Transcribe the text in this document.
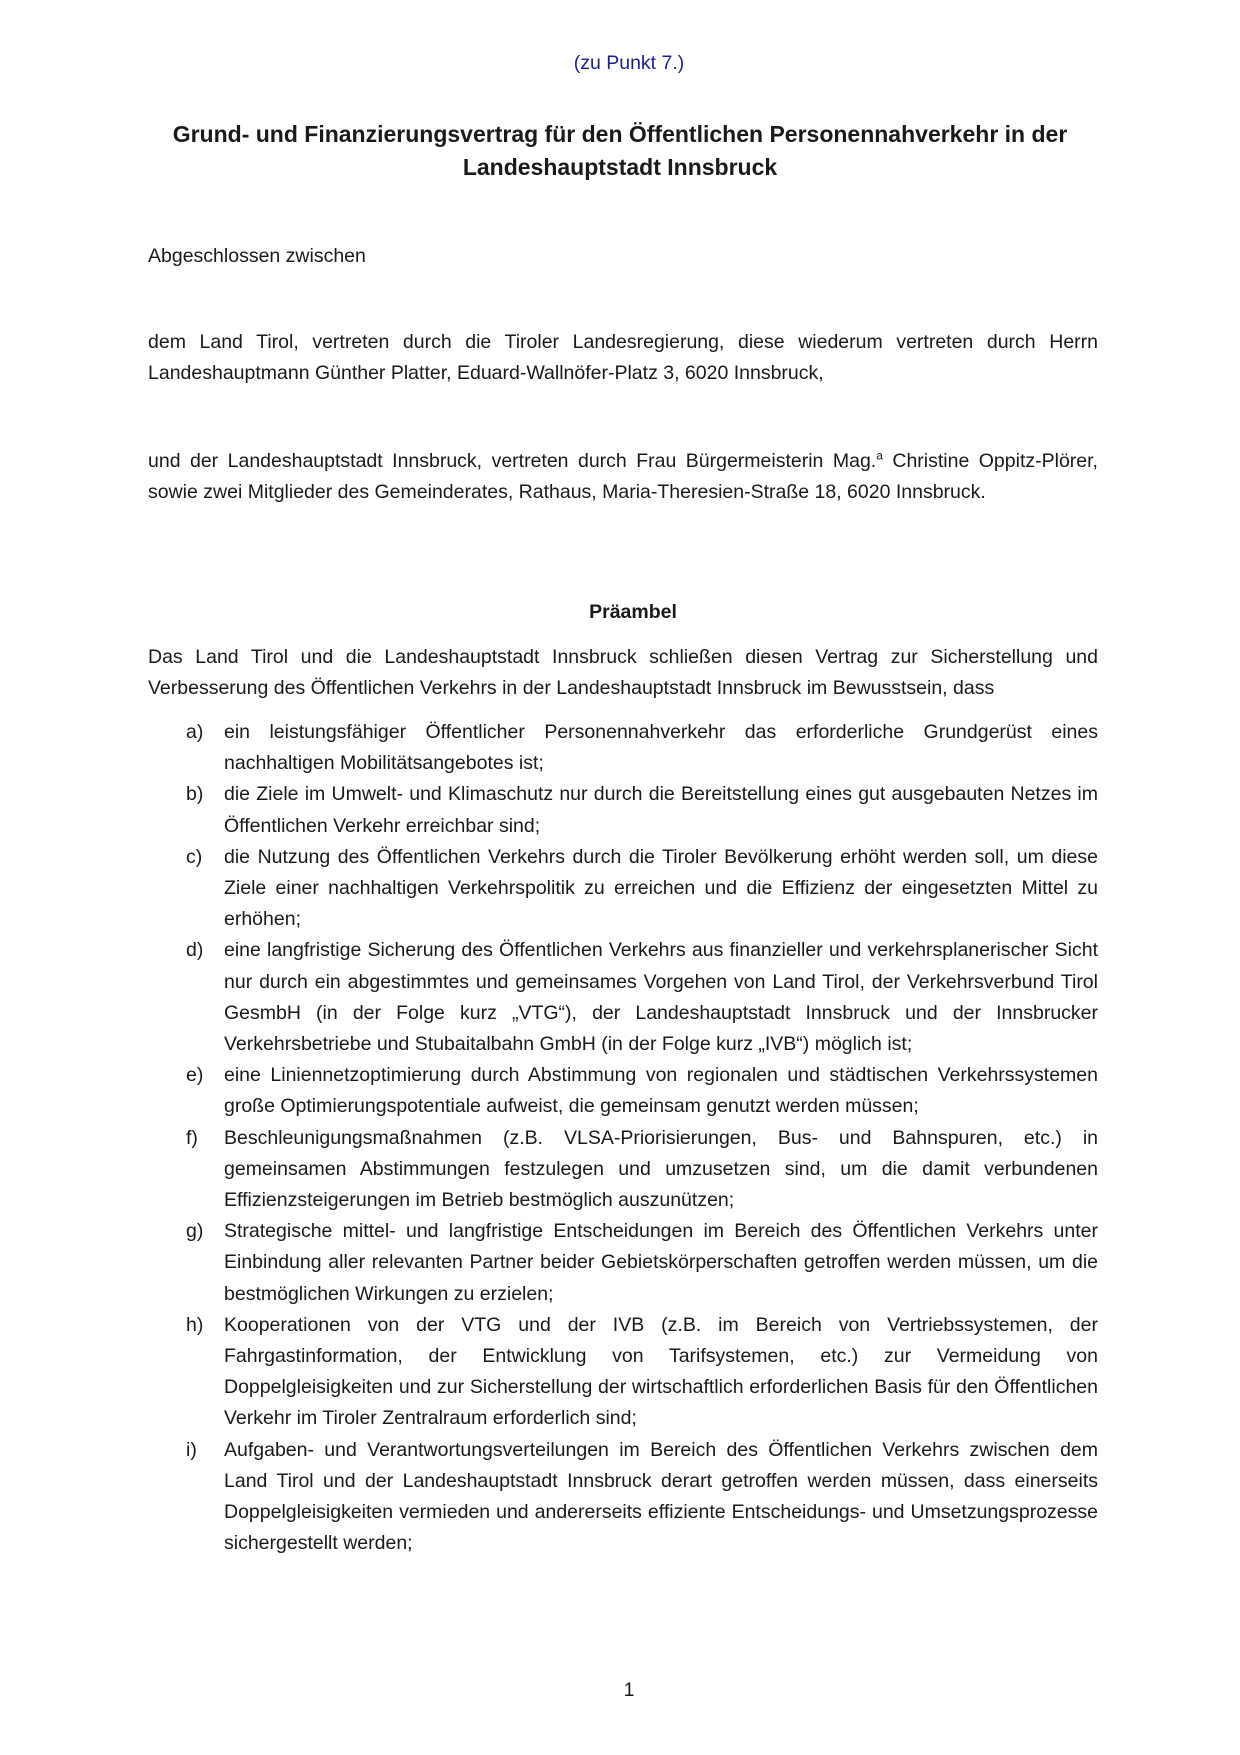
(zu Punkt 7.)
Grund- und Finanzierungsvertrag für den Öffentlichen Personennahverkehr in der Landeshauptstadt Innsbruck
Abgeschlossen zwischen
dem Land Tirol, vertreten durch die Tiroler Landesregierung, diese wiederum vertreten durch Herrn Landeshauptmann Günther Platter, Eduard-Wallnöfer-Platz 3, 6020 Innsbruck,
und der Landeshauptstadt Innsbruck, vertreten durch Frau Bürgermeisterin Mag.$^a$ Christine Oppitz-Plörer, sowie zwei Mitglieder des Gemeinderates, Rathaus, Maria-Theresien-Straße 18, 6020 Innsbruck.
Präambel
Das Land Tirol und die Landeshauptstadt Innsbruck schließen diesen Vertrag zur Sicherstellung und Verbesserung des Öffentlichen Verkehrs in der Landeshauptstadt Innsbruck im Bewusstsein, dass
a)	ein leistungsfähiger Öffentlicher Personennahverkehr das erforderliche Grundgerüst eines nachhaltigen Mobilitätsangebotes ist;
b)	die Ziele im Umwelt- und Klimaschutz nur durch die Bereitstellung eines gut ausgebauten Netzes im Öffentlichen Verkehr erreichbar sind;
c)	die Nutzung des Öffentlichen Verkehrs durch die Tiroler Bevölkerung erhöht werden soll, um diese Ziele einer nachhaltigen Verkehrspolitik zu erreichen und die Effizienz der eingesetzten Mittel zu erhöhen;
d)	eine langfristige Sicherung des Öffentlichen Verkehrs aus finanzieller und verkehrsplanerischer Sicht nur durch ein abgestimmtes und gemeinsames Vorgehen von Land Tirol, der Verkehrsverbund Tirol GesmbH (in der Folge kurz „VTG“), der Landeshauptstadt Innsbruck und der Innsbrucker Verkehrsbetriebe und Stubaitalbahn GmbH (in der Folge kurz „IVB“) möglich ist;
e)	eine Liniennetzoptimierung durch Abstimmung von regionalen und städtischen Verkehrssystemen große Optimierungspotentiale aufweist, die gemeinsam genutzt werden müssen;
f)	Beschleunigungsmaßnahmen (z.B. VLSA-Priorisierungen, Bus- und Bahnspuren, etc.) in gemeinsamen Abstimmungen festzulegen und umzusetzen sind, um die damit verbundenen Effizienzsteigerungen im Betrieb bestmöglich auszunützen;
g)	Strategische mittel- und langfristige Entscheidungen im Bereich des Öffentlichen Verkehrs unter Einbindung aller relevanten Partner beider Gebietskörperschaften getroffen werden müssen, um die bestmöglichen Wirkungen zu erzielen;
h)	Kooperationen von der VTG und der IVB (z.B. im Bereich von Vertriebssystemen, der Fahrgastinformation, der Entwicklung von Tarifsystemen, etc.) zur Vermeidung von Doppelgleisigkeiten und zur Sicherstellung der wirtschaftlich erforderlichen Basis für den Öffentlichen Verkehr im Tiroler Zentralraum erforderlich sind;
i)	Aufgaben- und Verantwortungsverteilungen im Bereich des Öffentlichen Verkehrs zwischen dem Land Tirol und der Landeshauptstadt Innsbruck derart getroffen werden müssen, dass einerseits Doppelgleisigkeiten vermieden und andererseits effiziente Entscheidungs- und Umsetzungsprozesse sichergestellt werden;
1
